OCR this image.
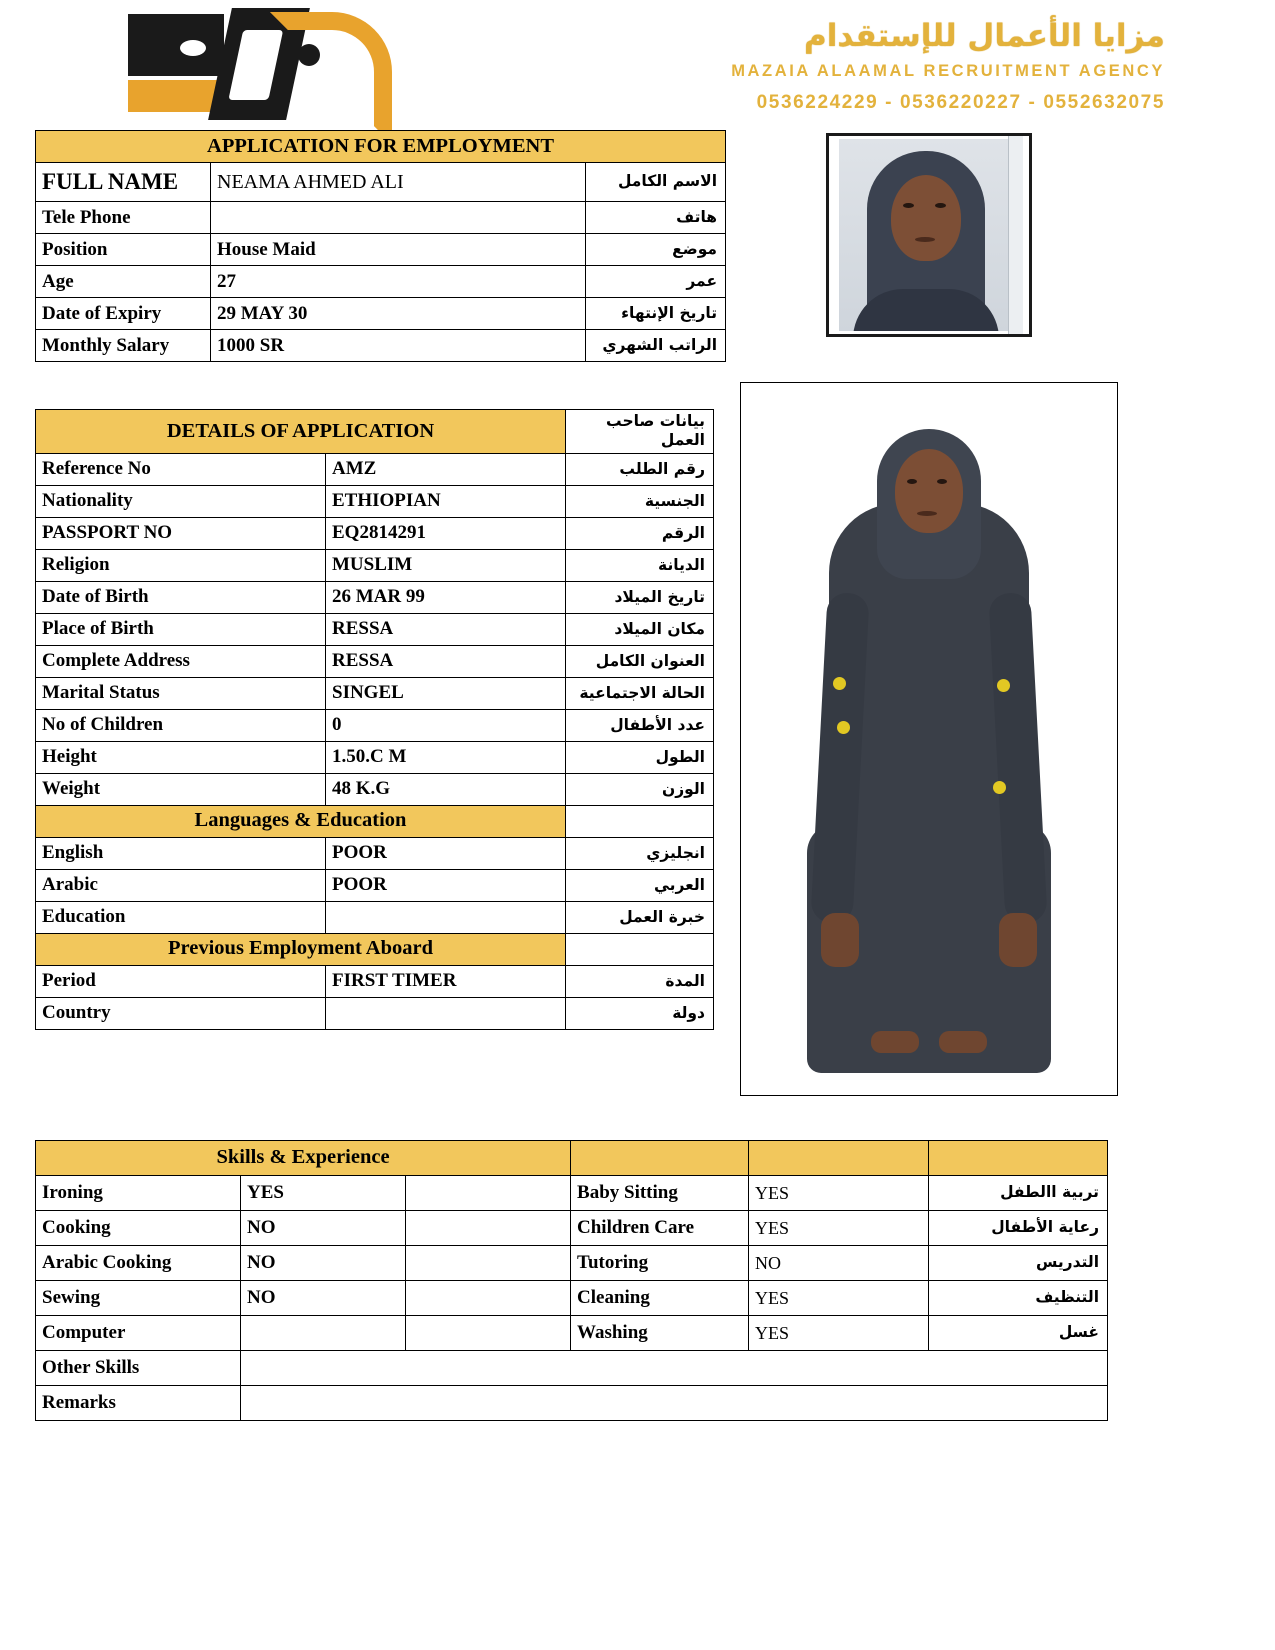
مزايا الأعمال للإستقدام
MAZAIA ALAAMAL RECRUITMENT AGENCY
0536224229 - 0536220227 - 0552632075
APPLICATION FOR EMPLOYMENT		
FULL NAME	NEAMA AHMED ALI	الاسم الكامل
Tele Phone		هاتف
Position	House Maid	موضع
Age	27	عمر
Date of Expiry	29 MAY 30	تاريخ الإنتهاء
Monthly Salary	1000 SR	الراتب الشهري
DETAILS OF APPLICATION		بيانات صاحب العمل
Reference No	AMZ	رقم الطلب
Nationality	ETHIOPIAN	الجنسية
PASSPORT NO	EQ2814291	الرقم
Religion	MUSLIM	الديانة
Date of Birth	26 MAR 99	تاريخ الميلاد
Place of Birth	RESSA	مكان الميلاد
Complete Address	RESSA	العنوان الكامل
Marital Status	SINGEL	الحالة الاجتماعية
No of Children	0	عدد الأطفال
Height	1.50.C M	الطول
Weight	48 K.G	الوزن
Languages & Education		
English	POOR	انجليزي
Arabic	POOR	العربي
Education		خبرة العمل
Previous Employment Aboard		
Period	FIRST TIMER	المدة
Country		دولة
Skills & Experience					
Ironing	YES		Baby Sitting	YES	تربية االطفل
Cooking	NO		Children Care	YES	رعاية الأطفال
Arabic Cooking	NO		Tutoring	NO	التدريس
Sewing	NO		Cleaning	YES	التنظيف
Computer			Washing	YES	غسل
Other Skills					
Remarks					
